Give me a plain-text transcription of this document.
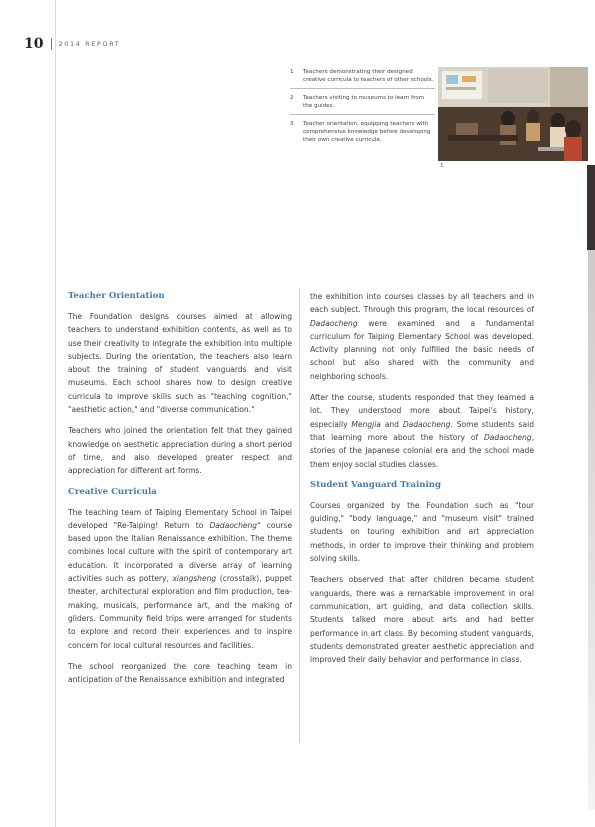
10 2014 REPORT
1	Teachers demonstrating their designed creative curricula to teachers of other schools.
2	Teachers visiting to museums to learn from the guides.
3	Teacher orientation, equipping teachers with comprehensive knowledge before developing their own creative curricula.
1
Teacher Orientation

The Foundation designs courses aimed at allowing teachers to understand exhibition contents, as well as to use their creativity to integrate the exhibition into multiple subjects. During the orientation, the teachers also learn about the training of student vanguards and visit museums. Each school shares how to design creative curricula to improve skills such as "teaching cognition," "aesthetic action," and "diverse communication."

Teachers who joined the orientation felt that they gained knowledge on aesthetic appreciation during a short period of time, and also developed greater respect and appreciation for different art forms.

Creative Curricula

The teaching team of Taiping Elementary School in Taipei developed "Re-Taiping! Return to Dadaocheng" course based upon the Italian Renaissance exhibition. The theme combines local culture with the spirit of contemporary art education. It incorporated a diverse array of learning activities such as pottery, xiangsheng (crosstalk), puppet theater, architectural exploration and film production, tea-making, musicals, performance art, and the making of gliders. Community field trips were arranged for students to explore and record their experiences and to inspire concern for local cultural resources and facilities.

The school reorganized the core teaching team in anticipation of the Renaissance exhibition and integrated

the exhibition into courses classes by all teachers and in each subject. Through this program, the local resources of Dadaocheng were examined and a fundamental curriculum for Taiping Elementary School was developed. Activity planning not only fulfilled the basic needs of school but also shared with the community and neighboring schools.

After the course, students responded that they learned a lot. They understood more about Taipei's history, especially Mengjia and Dadaocheng. Some students said that learning more about the history of Dadaocheng, stories of the Japanese colonial era and the school made them enjoy social studies classes.

Student Vanguard Training

Courses organized by the Foundation such as "tour guiding," "body language," and "museum visit" trained students on touring exhibition and art appreciation methods, in order to improve their thinking and problem solving skills.

Teachers observed that after children became student vanguards, there was a remarkable improvement in oral communication, art guiding, and data collection skills. Students talked more about arts and had better performance in art class. By becoming student vanguards, students demonstrated greater aesthetic appreciation and improved their daily behavior and performance in class.
